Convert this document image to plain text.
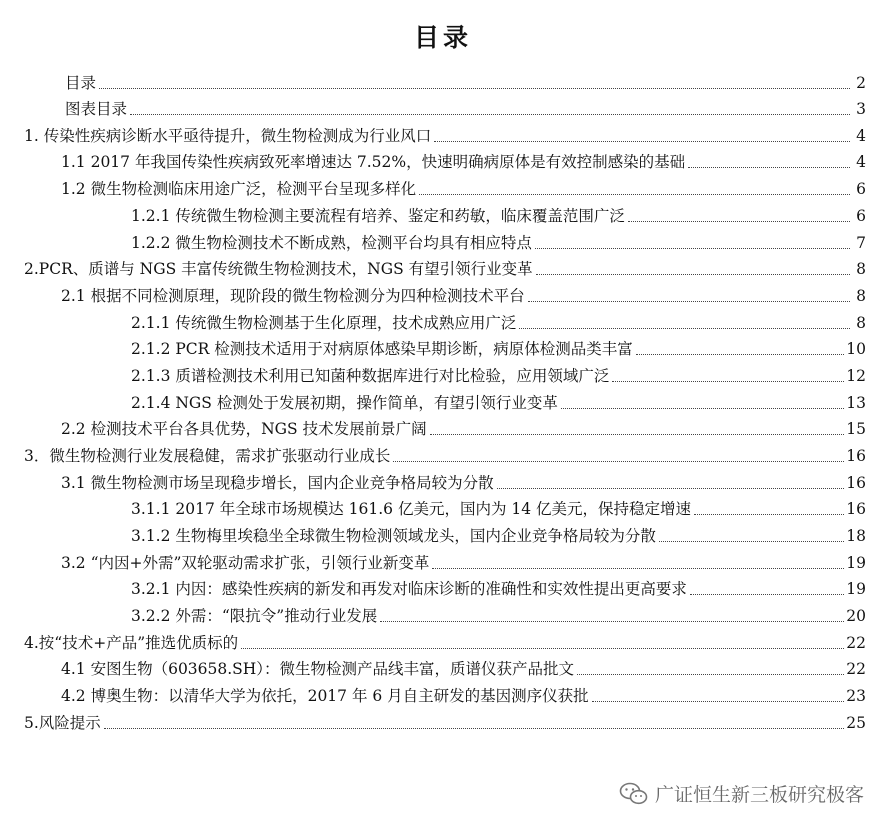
目录
目录	2
图表目录	3
1. 传染性疾病诊断水平亟待提升，微生物检测成为行业风口	4
1.1 2017 年我国传染性疾病致死率增速达 7.52%，快速明确病原体是有效控制感染的基础	4
1.2 微生物检测临床用途广泛，检测平台呈现多样化	6
1.2.1 传统微生物检测主要流程有培养、鉴定和药敏，临床覆盖范围广泛	6
1.2.2 微生物检测技术不断成熟，检测平台均具有相应特点	7
2.PCR、质谱与 NGS 丰富传统微生物检测技术，NGS 有望引领行业变革	8
2.1 根据不同检测原理，现阶段的微生物检测分为四种检测技术平台	8
2.1.1 传统微生物检测基于生化原理，技术成熟应用广泛	8
2.1.2 PCR 检测技术适用于对病原体感染早期诊断，病原体检测品类丰富	10
2.1.3 质谱检测技术利用已知菌种数据库进行对比检验，应用领域广泛	12
2.1.4 NGS 检测处于发展初期，操作简单，有望引领行业变革	13
2.2 检测技术平台各具优势，NGS 技术发展前景广阔	15
3．微生物检测行业发展稳健，需求扩张驱动行业成长	16
3.1 微生物检测市场呈现稳步增长，国内企业竞争格局较为分散	16
3.1.1 2017 年全球市场规模达 161.6 亿美元，国内为 14 亿美元，保持稳定增速	16
3.1.2 生物梅里埃稳坐全球微生物检测领域龙头，国内企业竞争格局较为分散	18
3.2 “内因+外需”双轮驱动需求扩张，引领行业新变革	19
3.2.1 内因：感染性疾病的新发和再发对临床诊断的准确性和实效性提出更高要求	19
3.2.2 外需：“限抗令”推动行业发展	20
4.按“技术+产品”推选优质标的	22
4.1 安图生物（603658.SH）：微生物检测产品线丰富，质谱仪获产品批文	22
4.2 博奥生物：以清华大学为依托，2017 年 6 月自主研发的基因测序仪获批	23
5.风险提示	25
广证恒生新三板研究极客
